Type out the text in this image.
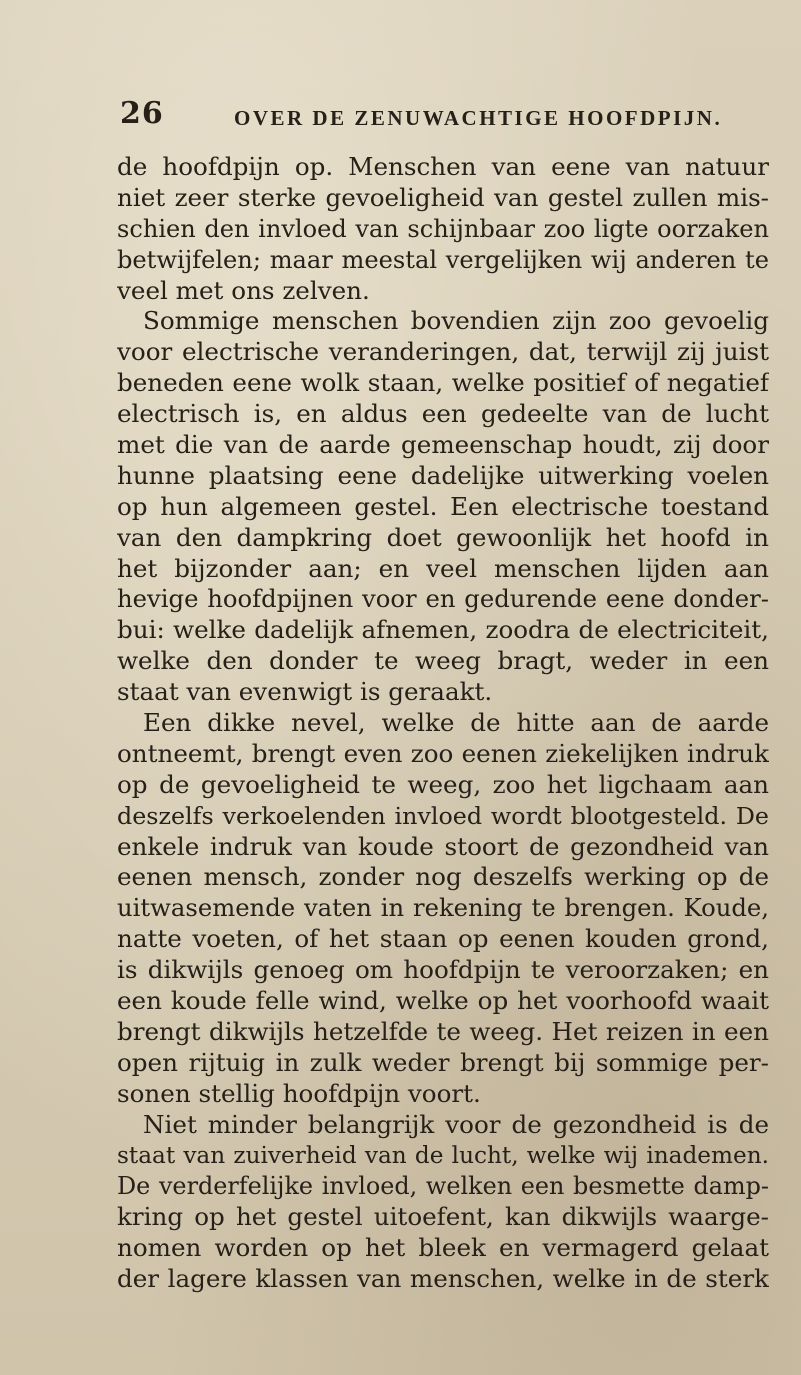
26	OVER DE ZENUWACHTIGE HOOFDPIJN.
de hoofdpijn op. Menschen van eene van natuur
niet zeer sterke gevoeligheid van gestel zullen mis-
schien den invloed van schijnbaar zoo ligte oorzaken
betwijfelen; maar meestal vergelijken wij anderen te
veel met ons zelven.
Sommige menschen bovendien zijn zoo gevoelig
voor electrische veranderingen, dat, terwijl zij juist
beneden eene wolk staan, welke positief of negatief
electrisch is, en aldus een gedeelte van de lucht
met die van de aarde gemeenschap houdt, zij door
hunne plaatsing eene dadelijke uitwerking voelen
op hun algemeen gestel. Een electrische toestand
van den dampkring doet gewoonlijk het hoofd in
het bijzonder aan; en veel menschen lijden aan
hevige hoofdpijnen voor en gedurende eene donder-
bui: welke dadelijk afnemen, zoodra de electriciteit,
welke den donder te weeg bragt, weder in een
staat van evenwigt is geraakt.
Een dikke nevel, welke de hitte aan de aarde
ontneemt, brengt even zoo eenen ziekelijken indruk
op de gevoeligheid te weeg, zoo het ligchaam aan
deszelfs verkoelenden invloed wordt blootgesteld. De
enkele indruk van koude stoort de gezondheid van
eenen mensch, zonder nog deszelfs werking op de
uitwasemende vaten in rekening te brengen. Koude,
natte voeten, of het staan op eenen kouden grond,
is dikwijls genoeg om hoofdpijn te veroorzaken; en
een koude felle wind, welke op het voorhoofd waait
brengt dikwijls hetzelfde te weeg. Het reizen in een
open rijtuig in zulk weder brengt bij sommige per-
sonen stellig hoofdpijn voort.
Niet minder belangrijk voor de gezondheid is de
staat van zuiverheid van de lucht, welke wij inademen.
De verderfelijke invloed, welken een besmette damp-
kring op het gestel uitoefent, kan dikwijls waarge-
nomen worden op het bleek en vermagerd gelaat
der lagere klassen van menschen, welke in de sterk
